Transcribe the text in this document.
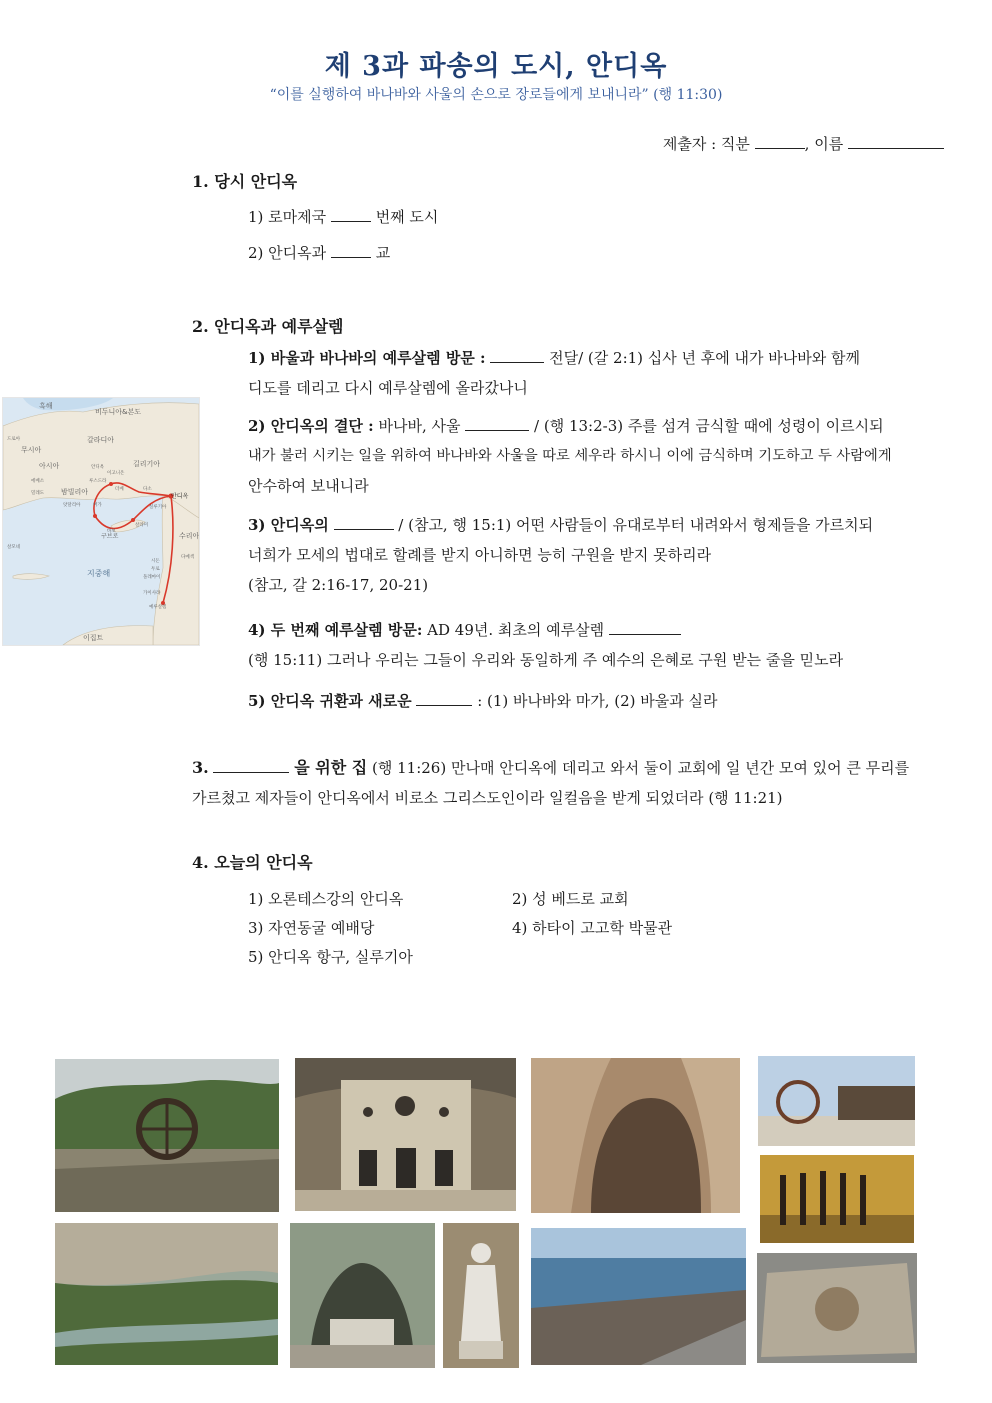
제 3과 파송의 도시, 안디옥
“이를 실행하여 바나바와 사울의 손으로 장로들에게 보내니라” (행 11:30)
제출자 : 직분	, 이름
1. 당시 안디옥
1) 로마제국	번째 도시
2) 안디옥과	교
2. 안디옥과 예루살렘
1) 바울과 바나바의 예루살렘 방문 :	전달/ (갈 2:1) 십사 년 후에 내가 바나바와 함께
디도를 데리고 다시 예루살렘에 올라갔나니
2) 안디옥의 결단 : 바나바, 사울	/ (행 13:2-3) 주를 섬겨 금식할 때에 성령이 이르시되
내가 불러 시키는 일을 위하여 바나바와 사울을 따로 세우라 하시니 이에 금식하며 기도하고 두 사람에게
안수하여 보내니라
3) 안디옥의	/ (참고, 행 15:1) 어떤 사람들이 유대로부터 내려와서 형제들을 가르치되
너희가 모세의 법대로 할례를 받지 아니하면 능히 구원을 받지 못하리라
(참고, 갈 2:16-17, 20-21)
4) 두 번째 예루살렘 방문: AD 49년. 최초의 예루살렘
(행 15:11) 그러나 우리는 그들이 우리와 동일하게 주 예수의 은혜로 구원 받는 줄을 믿노라
5) 안디옥 귀환과 새로운	: (1) 바나바와 마가, (2) 바울과 실라
3.	을 위한 집 (행 11:26) 만나매 안디옥에 데리고 와서 둘이 교회에 일 년간 모여 있어 큰 무리를
가르쳤고 제자들이 안디옥에서 비로소 그리스도인이라 일컬음을 받게 되었더라 (행 11:21)
4. 오늘의 안디옥
1) 오론테스강의 안디옥	2) 성 베드로 교회
3) 자연동굴 예배당	4) 하타이 고고학 박물관
5) 안디옥 항구, 실루기아
흑해
비두니아&본도
갈라디아
무시아
아시아	길리기아
밤빌리아
구브로	수리아
지중해
이집트
안디옥
다메섹
시돈
두로
돌레마이
가이사랴
예루살렘
더베
루스드라
이고니온
안디옥
버가
앗달리아
다소
실루기아
살라미
바보
드로아
에베소
밀레도
살모네
